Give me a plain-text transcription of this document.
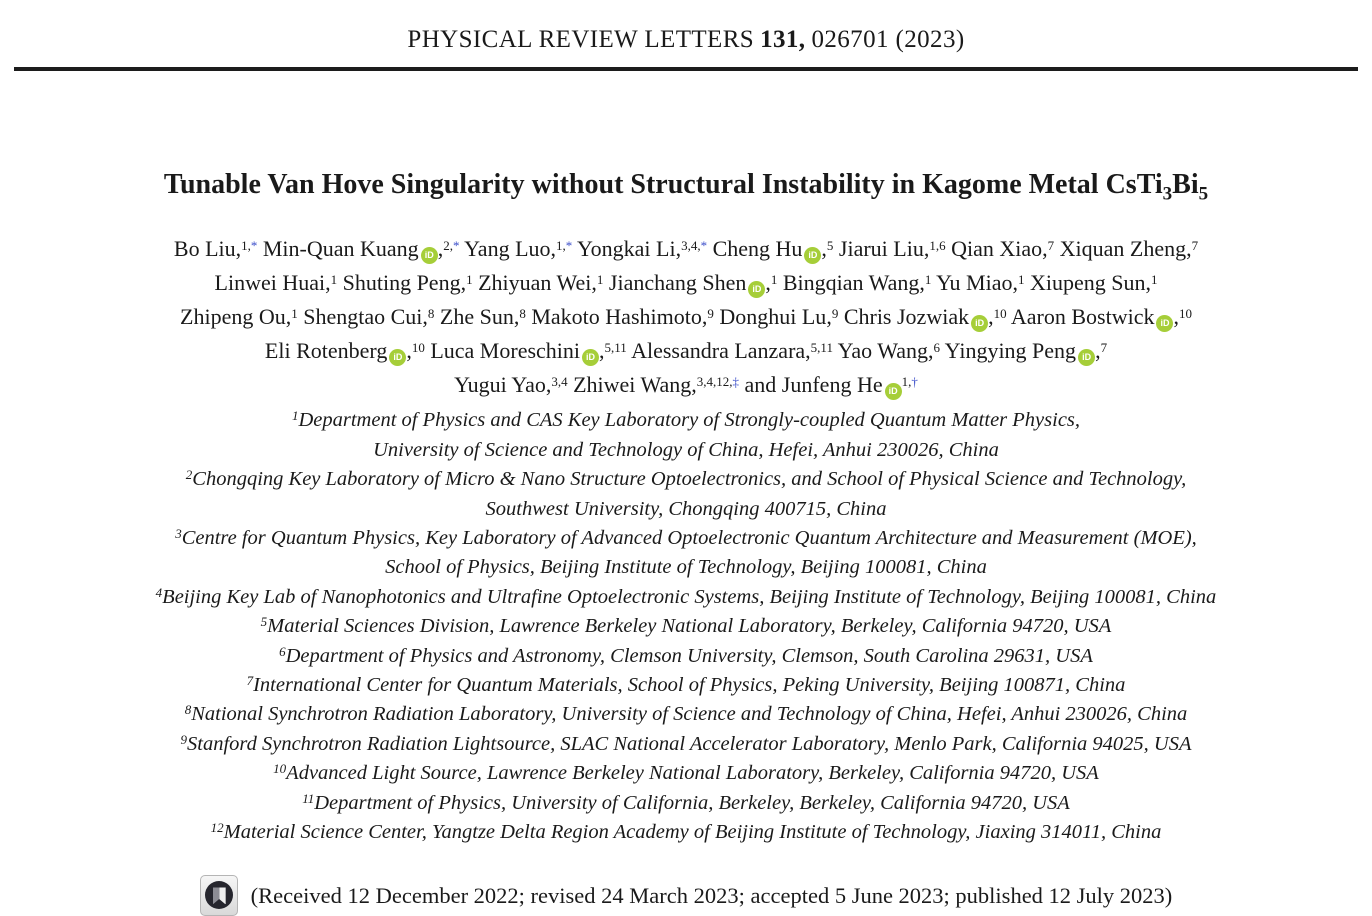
PHYSICAL REVIEW LETTERS 131, 026701 (2023)
Tunable Van Hove Singularity without Structural Instability in Kagome Metal $CsTi_3Bi_5$
Bo Liu,$^{1,*}$ Min-Quan Kuang iD ,$^{2,*}$ Yang Luo,$^{1,*}$ Yongkai Li,$^{3,4,*}$ Cheng Hu iD ,$^5$ Jiarui Liu,$^{1,6}$ Qian Xiao,$^7$ Xiquan Zheng,$^7$
Linwei Huai,$^1$ Shuting Peng,$^1$ Zhiyuan Wei,$^1$ Jianchang Shen iD ,$^1$ Bingqian Wang,$^1$ Yu Miao,$^1$ Xiupeng Sun,$^1$
Zhipeng Ou,$^1$ Shengtao Cui,$^8$ Zhe Sun,$^8$ Makoto Hashimoto,$^9$ Donghui Lu,$^9$ Chris Jozwiak iD ,$^{10}$ Aaron Bostwick iD ,$^{10}$
Eli Rotenberg iD ,$^{10}$ Luca Moreschini iD ,$^{5,11}$ Alessandra Lanzara,$^{5,11}$ Yao Wang,$^6$ Yingying Peng iD ,$^7$
Yugui Yao,$^{3,4}$ Zhiwei Wang,$^{3,4,12,\ddagger}$ and Junfeng He $iD^{1,\dagger}$
$^1$Department of Physics and CAS Key Laboratory of Strongly-coupled Quantum Matter Physics,
University of Science and Technology of China, Hefei, Anhui 230026, China
$^2$Chongqing Key Laboratory of Micro & Nano Structure Optoelectronics, and School of Physical Science and Technology,
Southwest University, Chongqing 400715, China
$^3$Centre for Quantum Physics, Key Laboratory of Advanced Optoelectronic Quantum Architecture and Measurement (MOE),
School of Physics, Beijing Institute of Technology, Beijing 100081, China
$^4$Beijing Key Lab of Nanophotonics and Ultrafine Optoelectronic Systems, Beijing Institute of Technology, Beijing 100081, China
$^5$Material Sciences Division, Lawrence Berkeley National Laboratory, Berkeley, California 94720, USA
$^6$Department of Physics and Astronomy, Clemson University, Clemson, South Carolina 29631, USA
$^7$International Center for Quantum Materials, School of Physics, Peking University, Beijing 100871, China
$^8$National Synchrotron Radiation Laboratory, University of Science and Technology of China, Hefei, Anhui 230026, China
$^9$Stanford Synchrotron Radiation Lightsource, SLAC National Accelerator Laboratory, Menlo Park, California 94025, USA
$^{10}$Advanced Light Source, Lawrence Berkeley National Laboratory, Berkeley, California 94720, USA
$^{11}$Department of Physics, University of California, Berkeley, Berkeley, California 94720, USA
$^{12}$Material Science Center, Yangtze Delta Region Academy of Beijing Institute of Technology, Jiaxing 314011, China
(Received 12 December 2022; revised 24 March 2023; accepted 5 June 2023; published 12 July 2023)
